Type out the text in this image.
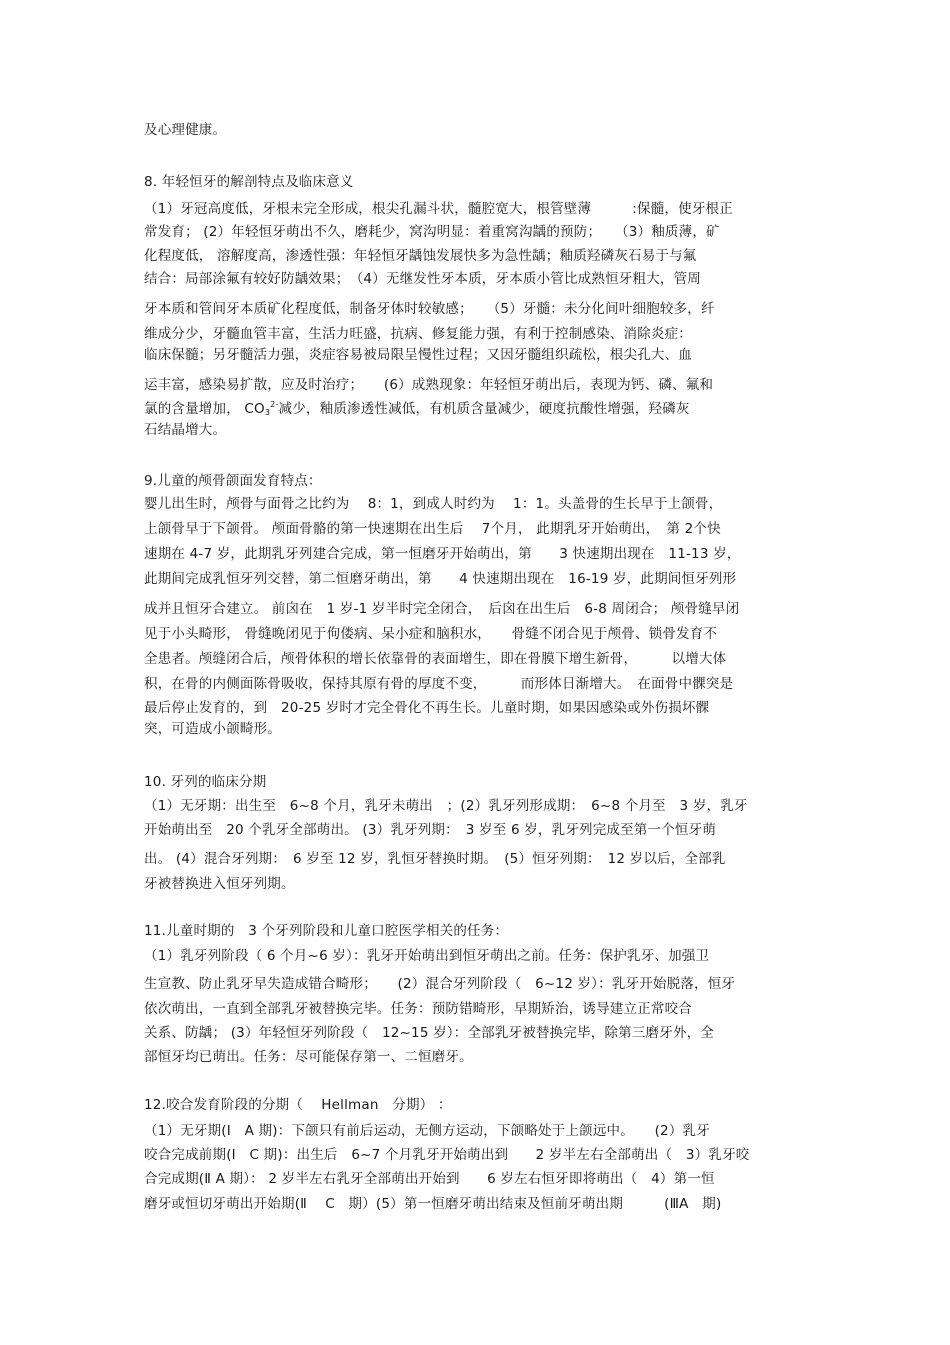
及心理健康。
8. 年轻恒牙的解剖特点及临床意义
（1）牙冠高度低，牙根未完全形成，根尖孔漏斗状，髓腔宽大，根管壁薄　　　:保髓，使牙根正
常发育； (2）年轻恒牙萌出不久，磨耗少，窝沟明显：着重窝沟龋的预防；　　（3）釉质薄，矿
化程度低， 溶解度高，渗透性强：年轻恒牙龋蚀发展快多为急性龋；釉质羟磷灰石易于与氟
结合：局部涂氟有较好防龋效果；　（4）无继发性牙本质，牙本质小管比成熟恒牙粗大，管周
牙本质和管间牙本质矿化程度低，制备牙体时较敏感；　　（5）牙髓：未分化间叶细胞较多，纤
维成分少，牙髓血管丰富，生活力旺盛，抗病、修复能力强，有利于控制感染、消除炎症：
临床保髓；另牙髓活力强，炎症容易被局限呈慢性过程；又因牙髓组织疏松，根尖孔大、血
运丰富，感染易扩散，应及时治疗；　　(6）成熟现象：年轻恒牙萌出后，表现为钙、磷、氟和
氯的含量增加， $CO_3^{2-}$减少，釉质渗透性减低，有机质含量减少，硬度抗酸性增强，羟磷灰
石结晶增大。
9.儿童的颅骨颌面发育特点：
婴儿出生时，颅骨与面骨之比约为　 8：1，到成人时约为　 1：1。头盖骨的生长早于上颌骨，
上颌骨早于下颌骨。 颅面骨骼的第一快速期在出生后　 7个月， 此期乳牙开始萌出，　第 2个快
速期在 4-7 岁，此期乳牙列建合完成，第一恒磨牙开始萌出，第　　3 快速期出现在　11-13 岁，
此期间完成乳恒牙列交替，第二恒磨牙萌出，第　　4 快速期出现在　16-19 岁，此期间恒牙列形
成并且恒牙合建立。 前囟在　1 岁-1 岁半时完全闭合，　后囟在出生后　6-8 周闭合； 颅骨缝早闭
见于小头畸形， 骨缝晚闭见于佝偻病、呆小症和脑积水，　　骨缝不闭合见于颅骨、锁骨发育不
全患者。颅缝闭合后，颅骨体积的增长依靠骨的表面增生，即在骨膜下增生新骨，　　　以增大体
积，在骨的内侧面陈骨吸收，保持其原有骨的厚度不变，　　　而形体日渐增大。　在面骨中髁突是
最后停止发育的，到　20-25 岁时才完全骨化不再生长。儿童时期，如果因感染或外伤损坏髁
突，可造成小颌畸形。
10. 牙列的临床分期
（1）无牙期：出生至　6~8 个月，乳牙未萌出　；(2）乳牙列形成期：　6~8 个月至　3 岁，乳牙
开始萌出至　20 个乳牙全部萌出。 (3）乳牙列期：　3 岁至 6 岁，乳牙列完成至第一个恒牙萌
出。 (4）混合牙列期：　6 岁至 12 岁，乳恒牙替换时期。　(5）恒牙列期：　12 岁以后，全部乳
牙被替换进入恒牙列期。
11.儿童时期的　3 个牙列阶段和儿童口腔医学相关的任务：
（1）乳牙列阶段（ 6 个月~6 岁）：乳牙开始萌出到恒牙萌出之前。任务：保护乳牙、加强卫
生宣教、防止乳牙早失造成错合畸形；　　(2）混合牙列阶段（　6~12 岁）：乳牙开始脱落，恒牙
依次萌出，一直到全部乳牙被替换完毕。任务：预防错畸形，早期矫治，诱导建立正常咬合
关系、防龋； (3）年轻恒牙列阶段（　12~15 岁）：全部乳牙被替换完毕，除第三磨牙外，全
部恒牙均已萌出。任务：尽可能保存第一、二恒磨牙。
12.咬合发育阶段的分期（　 Hellman　分期） ：
（1）无牙期(Ⅰ　A 期)：下颌只有前后运动，无侧方运动，下颌略处于上颌远中。　　(2）乳牙
咬合完成前期(Ⅰ　C 期)：出生后　6~7 个月乳牙开始萌出到　　2 岁半左右全部萌出（　3）乳牙咬
合完成期(Ⅱ A 期）： 2 岁半左右乳牙全部萌出开始到　　6 岁左右恒牙即将萌出（　4）第一恒
磨牙或恒切牙萌出开始期(Ⅱ　 C　期）(5）第一恒磨牙萌出结束及恒前牙萌出期　　　(ⅢA　期)
